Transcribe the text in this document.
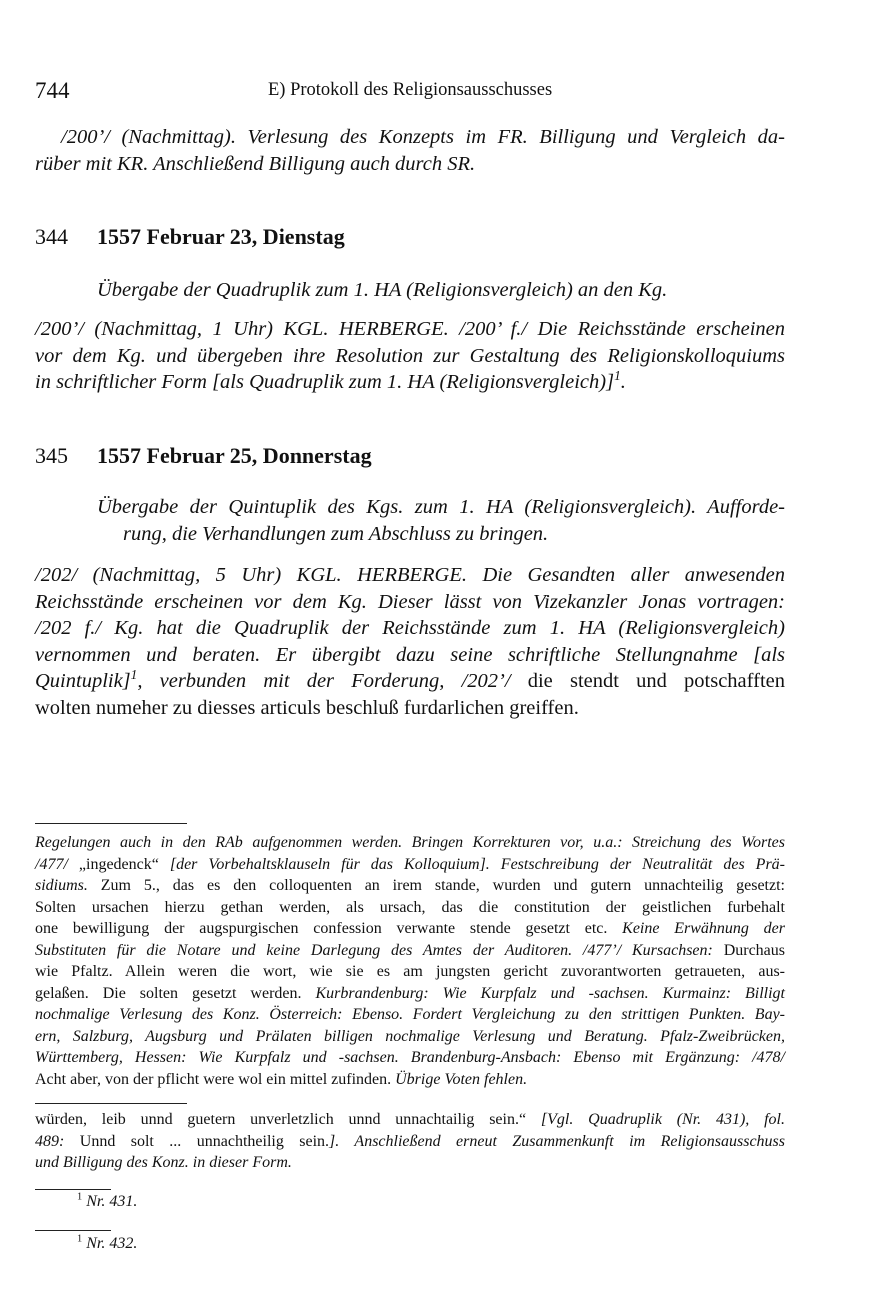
744	E) Protokoll des Religionsausschusses
/200’/ (Nachmittag). Verlesung des Konzepts im FR. Billigung und Vergleich da-
rüber mit KR. Anschließend Billigung auch durch SR.
344 1557 Februar 23, Dienstag
Übergabe der Quadruplik zum 1. HA (Religionsvergleich) an den Kg.
/200’/ (Nachmittag, 1 Uhr) KGL. HERBERGE. /200’ f./ Die Reichsstände erscheinen
vor dem Kg. und übergeben ihre Resolution zur Gestaltung des Religionskolloquiums
in schriftlicher Form [als Quadruplik zum 1. HA (Religionsvergleich)]$^1$.
345 1557 Februar 25, Donnerstag
Übergabe der Quintuplik des Kgs. zum 1. HA (Religionsvergleich). Aufforde-
rung, die Verhandlungen zum Abschluss zu bringen.
/202/ (Nachmittag, 5 Uhr) KGL. HERBERGE. Die Gesandten aller anwesenden
Reichsstände erscheinen vor dem Kg. Dieser lässt von Vizekanzler Jonas vortragen:
/202 f./ Kg. hat die Quadruplik der Reichsstände zum 1. HA (Religionsvergleich)
vernommen und beraten. Er übergibt dazu seine schriftliche Stellungnahme [als
Quintuplik]$^1$, verbunden mit der Forderung, /202’/ die stendt und potschafften
wolten numeher zu diesses articuls beschluß furdarlichen greiffen.
Regelungen auch in den RAb aufgenommen werden. Bringen Korrekturen vor, u.a.: Streichung des Wortes
/477/ „ingedenck“ [der Vorbehaltsklauseln für das Kolloquium]. Festschreibung der Neutralität des Prä-
sidiums. Zum 5., das es den colloquenten an irem stande, wurden und gutern unnachteilig gesetzt:
Solten ursachen hierzu gethan werden, als ursach, das die constitution der geistlichen furbehalt
one bewilligung der augspurgischen confession verwante stende gesetzt etc. Keine Erwähnung der
Substituten für die Notare und keine Darlegung des Amtes der Auditoren. /477’/ Kursachsen: Durchaus
wie Pfaltz. Allein weren die wort, wie sie es am jungsten gericht zuvorantworten getraueten, aus-
gelaßen. Die solten gesetzt werden. Kurbrandenburg: Wie Kurpfalz und -sachsen. Kurmainz: Billigt
nochmalige Verlesung des Konz. Österreich: Ebenso. Fordert Vergleichung zu den strittigen Punkten. Bay-
ern, Salzburg, Augsburg und Prälaten billigen nochmalige Verlesung und Beratung. Pfalz-Zweibrücken,
Württemberg, Hessen: Wie Kurpfalz und -sachsen. Brandenburg-Ansbach: Ebenso mit Ergänzung: /478/
Acht aber, von der pflicht were wol ein mittel zufinden. Übrige Voten fehlen.
würden, leib unnd guetern unverletzlich unnd unnachtailig sein.“ [Vgl. Quadruplik (Nr. 431), fol.
489: Unnd solt ... unnachtheilig sein.]. Anschließend erneut Zusammenkunft im Religionsausschuss
und Billigung des Konz. in dieser Form.
$^1$ Nr. 431.
$^1$ Nr. 432.
